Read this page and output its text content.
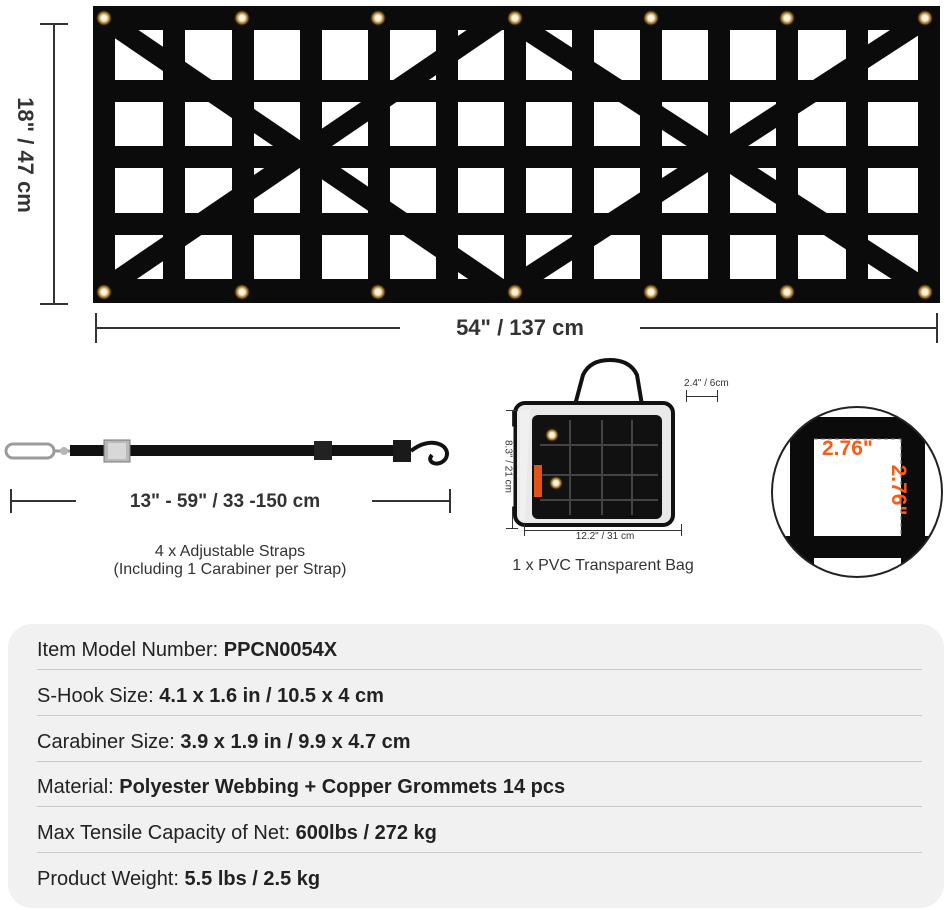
18" / 47 cm
54" / 137 cm
13" - 59" / 33 -150 cm
4 x Adjustable Straps
(Including 1 Carabiner per Strap)
8.3" / 21 cm
12.2" / 31 cm
2.4" / 6cm
1 x PVC Transparent Bag
2.76"
2.76"
Item Model Number: PPCN0054X
S-Hook Size: 4.1 x 1.6 in / 10.5 x 4 cm
Carabiner Size: 3.9 x 1.9 in / 9.9 x 4.7 cm
Material: Polyester Webbing + Copper Grommets 14 pcs
Max Tensile Capacity of Net: 600lbs / 272 kg
Product Weight: 5.5 lbs / 2.5 kg
